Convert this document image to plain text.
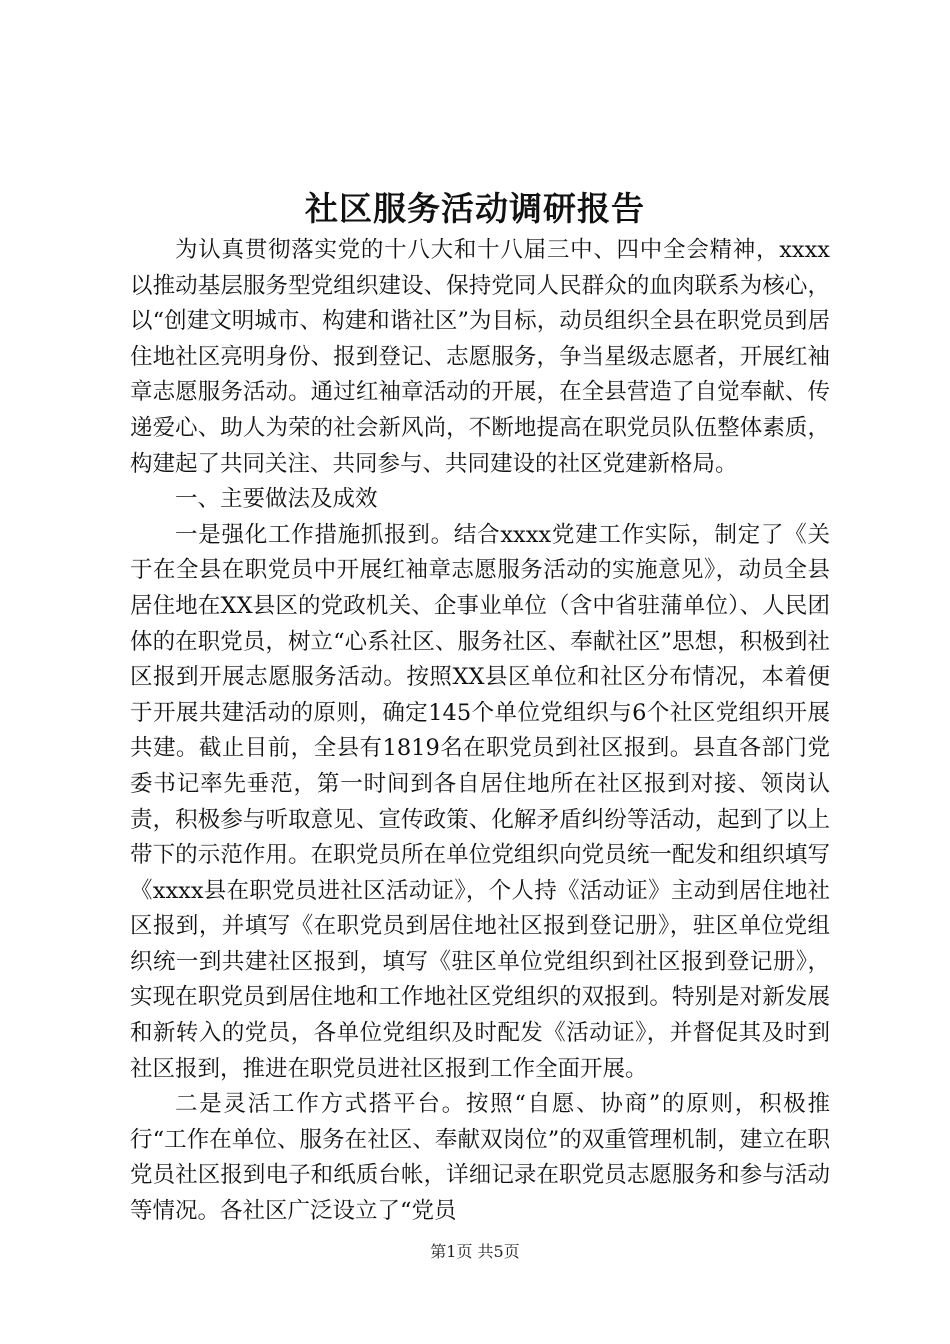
社区服务活动调研报告

为认真贯彻落实党的十八大和十八届三中、四中全会精神，xxxx以推动基层服务型党组织建设、保持党同人民群众的血肉联系为核心，以“创建文明城市、构建和谐社区”为目标，动员组织全县在职党员到居住地社区亮明身份、报到登记、志愿服务，争当星级志愿者，开展红袖章志愿服务活动。通过红袖章活动的开展，在全县营造了自觉奉献、传递爱心、助人为荣的社会新风尚，不断地提高在职党员队伍整体素质，构建起了共同关注、共同参与、共同建设的社区党建新格局。

一、主要做法及成效

一是强化工作措施抓报到。结合xxxx党建工作实际，制定了《关于在全县在职党员中开展红袖章志愿服务活动的实施意见》，动员全县居住地在XX县区的党政机关、企事业单位（含中省驻蒲单位）、人民团体的在职党员，树立“心系社区、服务社区、奉献社区”思想，积极到社区报到开展志愿服务活动。按照XX县区单位和社区分布情况，本着便于开展共建活动的原则，确定145个单位党组织与6个社区党组织开展共建。截止目前，全县有1819名在职党员到社区报到。县直各部门党委书记率先垂范，第一时间到各自居住地所在社区报到对接、领岗认责，积极参与听取意见、宣传政策、化解矛盾纠纷等活动，起到了以上带下的示范作用。在职党员所在单位党组织向党员统一配发和组织填写《xxxx县在职党员进社区活动证》，个人持《活动证》主动到居住地社区报到，并填写《在职党员到居住地社区报到登记册》，驻区单位党组织统一到共建社区报到，填写《驻区单位党组织到社区报到登记册》，实现在职党员到居住地和工作地社区党组织的双报到。特别是对新发展和新转入的党员，各单位党组织及时配发《活动证》，并督促其及时到社区报到，推进在职党员进社区报到工作全面开展。

二是灵活工作方式搭平台。按照“自愿、协商”的原则，积极推行“工作在单位、服务在社区、奉献双岗位”的双重管理机制，建立在职党员社区报到电子和纸质台帐，详细记录在职党员志愿服务和参与活动等情况。各社区广泛设立了“党员

第1页 共5页
